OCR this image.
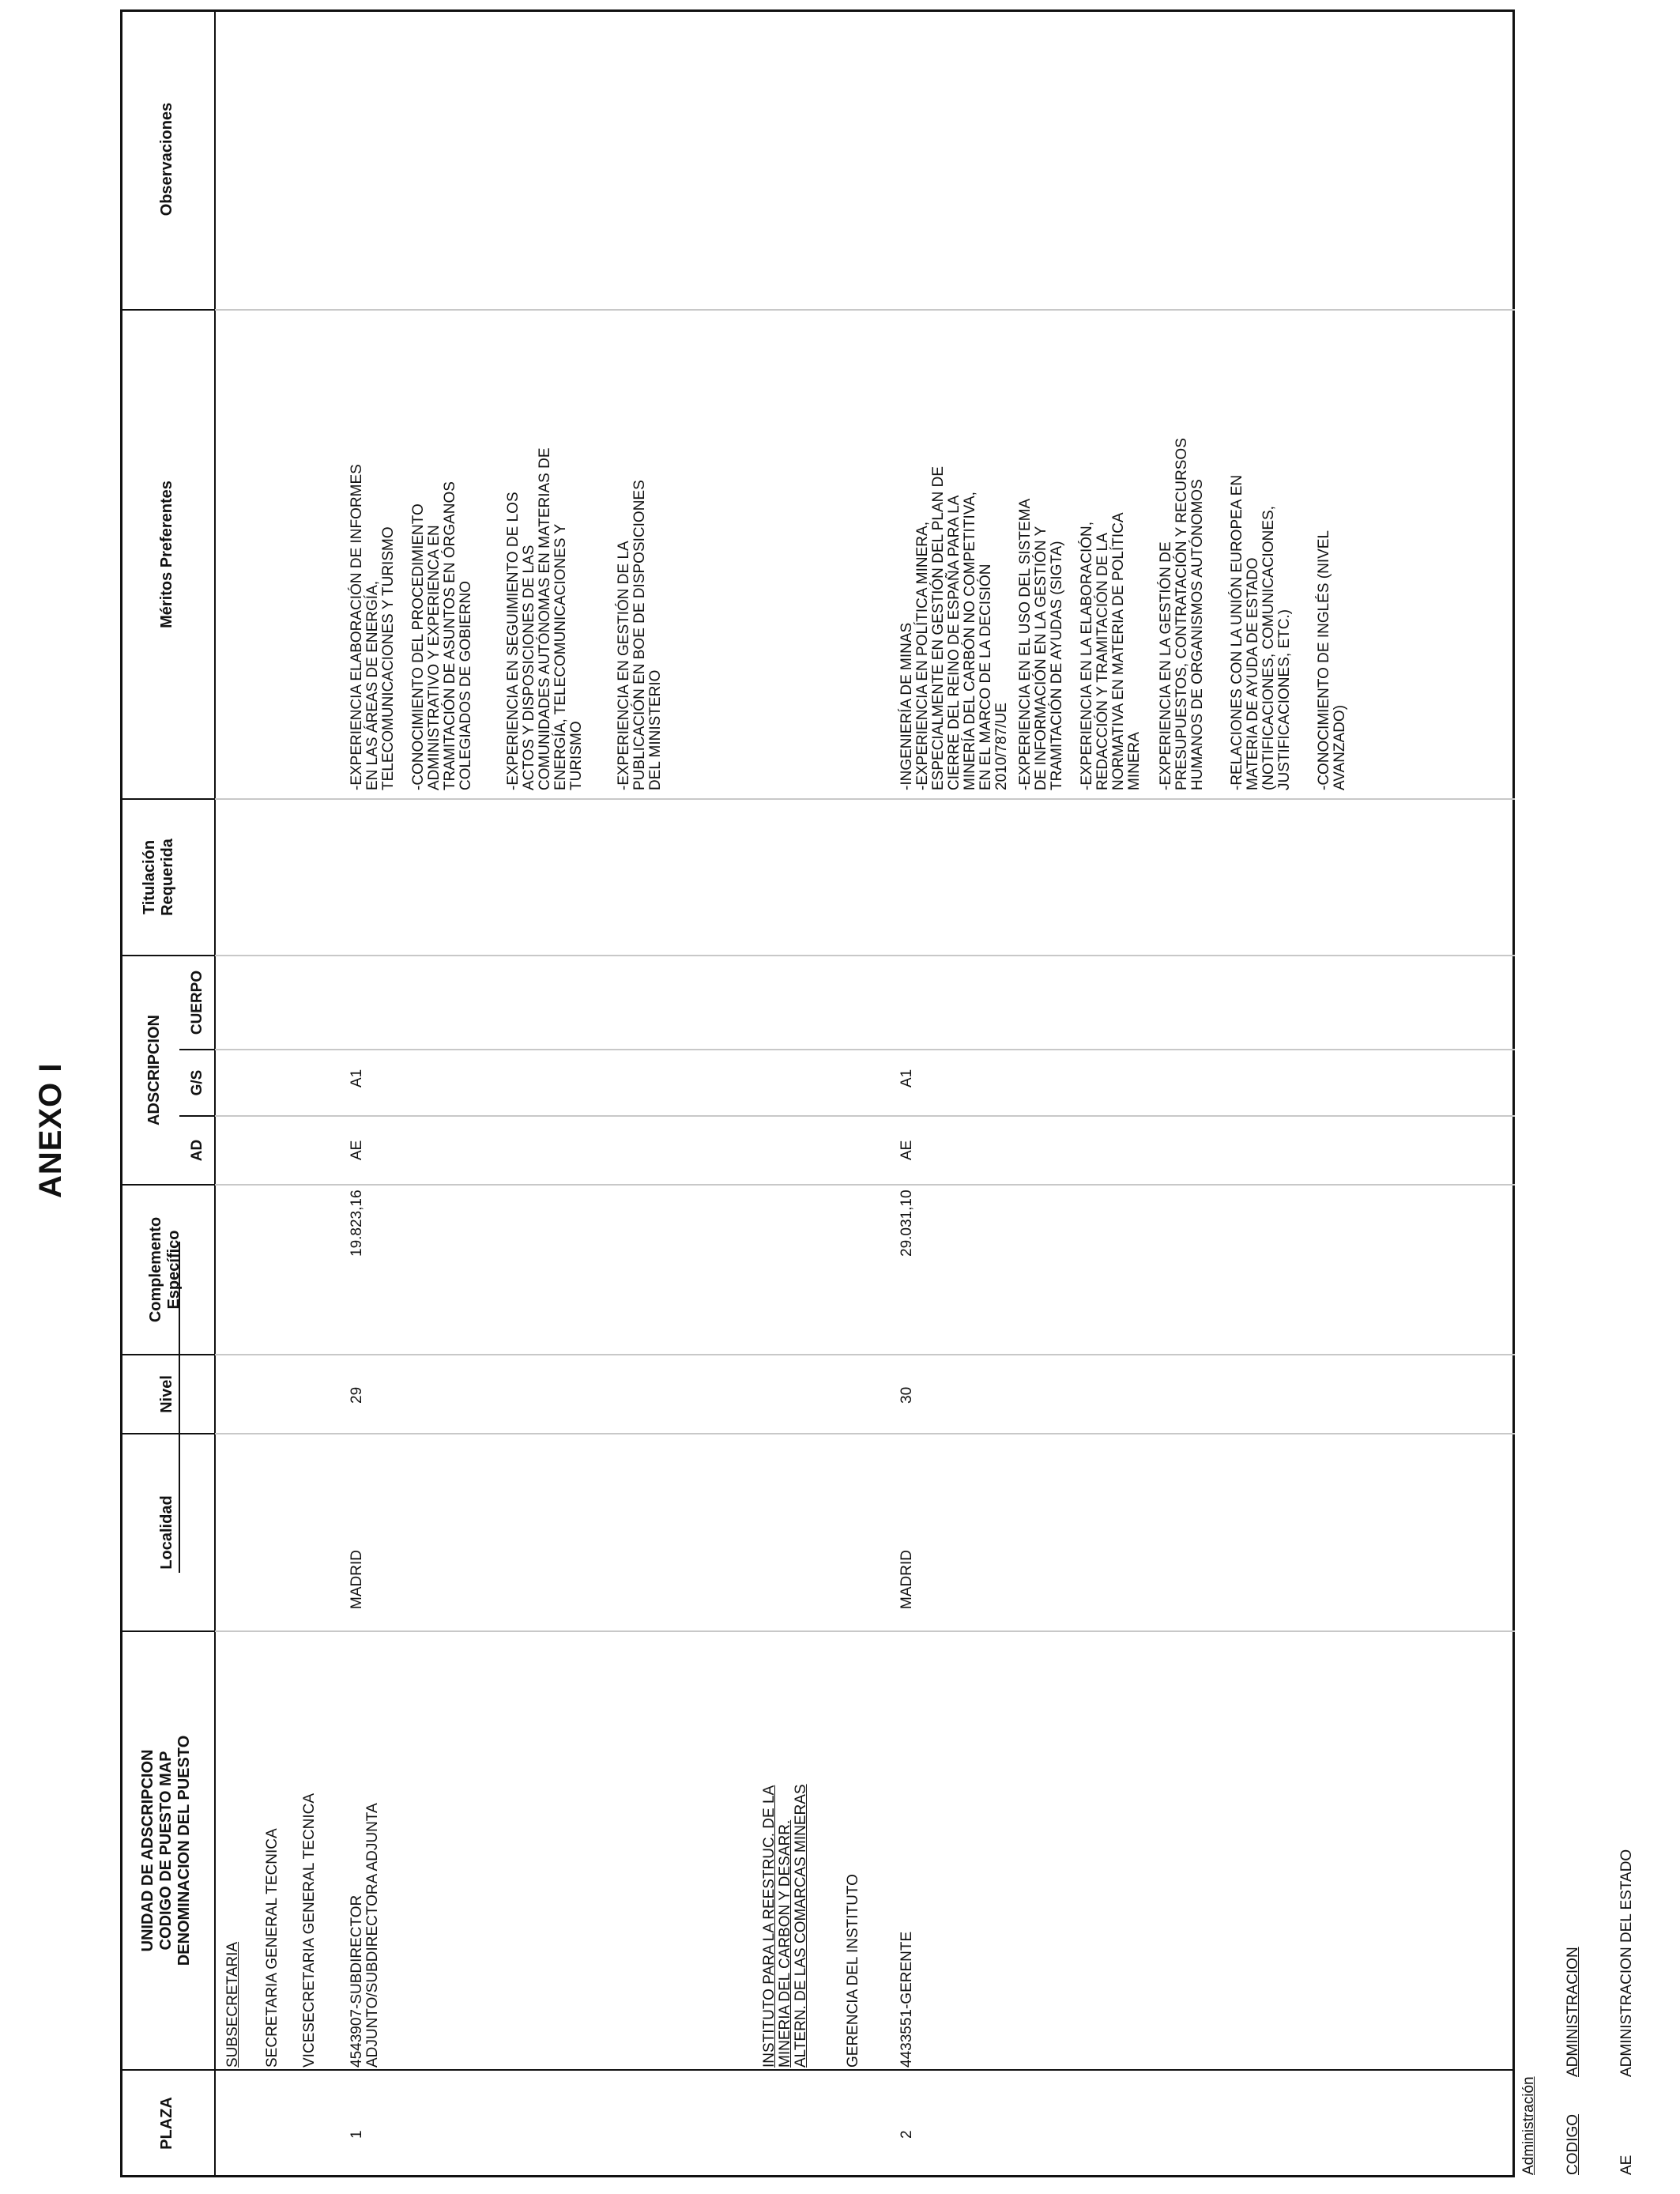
ANEXO I
PLAZA
UNIDAD DE ADSCRIPCION
CODIGO DE PUESTO MAP
DENOMINACION DEL PUESTO
Localidad
Nivel
Complemento
Específico
ADSCRIPCION
AD
G/S
CUERPO
Titulación
Requerida
Méritos Preferentes
Observaciones
SUBSECRETARIA SECRETARIA GENERAL TECNICA VICESECRETARIA GENERAL TECNICA
1
4543907-SUBDIRECTOR
ADJUNTO/SUBDIRECTORA ADJUNTA
MADRID
29
19.823,16
AE
A1
-EXPERIENCIA ELABORACIÓN DE INFORMES
EN LAS ÁREAS DE ENERGÍA,
TELECOMUNICACIONES Y TURISMO
-CONOCIMIENTO DEL PROCEDIMIENTO
ADMINISTRATIVO Y EXPERIENCA EN
TRAMITACIÓN DE ASUNTOS EN ÓRGANOS
COLEGIADOS DE GOBIERNO
-EXPERIENCIA EN SEGUIMIENTO DE LOS
ACTOS Y DISPOSICIONES DE LAS
COMUNIDADES AUTÓNOMAS EN MATERIAS DE
ENERGÍA, TELECOMUNICACIONES Y
TURISMO -EXPERIENCIA EN GESTIÓN DE LA
PUBLICACIÓN EN BOE DE DISPOSICIONES
DEL MINISTERIO
INSTITUTO PARA LA REESTRUC. DE LA
MINERIA DEL CARBON Y DESARR.
ALTERN. DE LAS COMARCAS MINERAS
GERENCIA DEL INSTITUTO
2
4433551-GERENTE
MADRID
30
29.031,10
AE
A1
-INGENIERÍA DE MINAS
-EXPERIENCIA EN POLÍTICA MINERA,
ESPECIALMENTE EN GESTIÓN DEL PLAN DE
CIERRE DEL REINO DE ESPAÑA PARA LA
MINERÍA DEL CARBÓN NO COMPETITIVA,
EN EL MARCO DE LA DECISIÓN
2010/787/UE -EXPERIENCIA EN EL USO DEL SISTEMA
DE INFORMACIÓN EN LA GESTIÓN Y
TRAMITACIÓN DE AYUDAS (SIGTA)
-EXPERIENCIA EN LA ELABORACIÓN,
REDACCIÓN Y TRAMITACIÓN DE LA
NORMATIVA EN MATERIA DE POLÍTICA
MINERA -EXPERIENCIA EN LA GESTIÓN DE
PRESUPUESTOS, CONTRATACIÓN Y RECURSOS
HUMANOS DE ORGANISMOS AUTÓNOMOS
-RELACIONES CON LA UNIÓN EUROPEA EN
MATERIA DE AYUDA DE ESTADO
(NOTIFICACIONES, COMUNICACIONES,
JUSTIFICACIONES, ETC.)
-CONOCIMIENTO DE INGLÉS (NIVEL
AVANZADO)
Administración CODIGO
ADMINISTRACION
AE
ADMINISTRACION DEL ESTADO
